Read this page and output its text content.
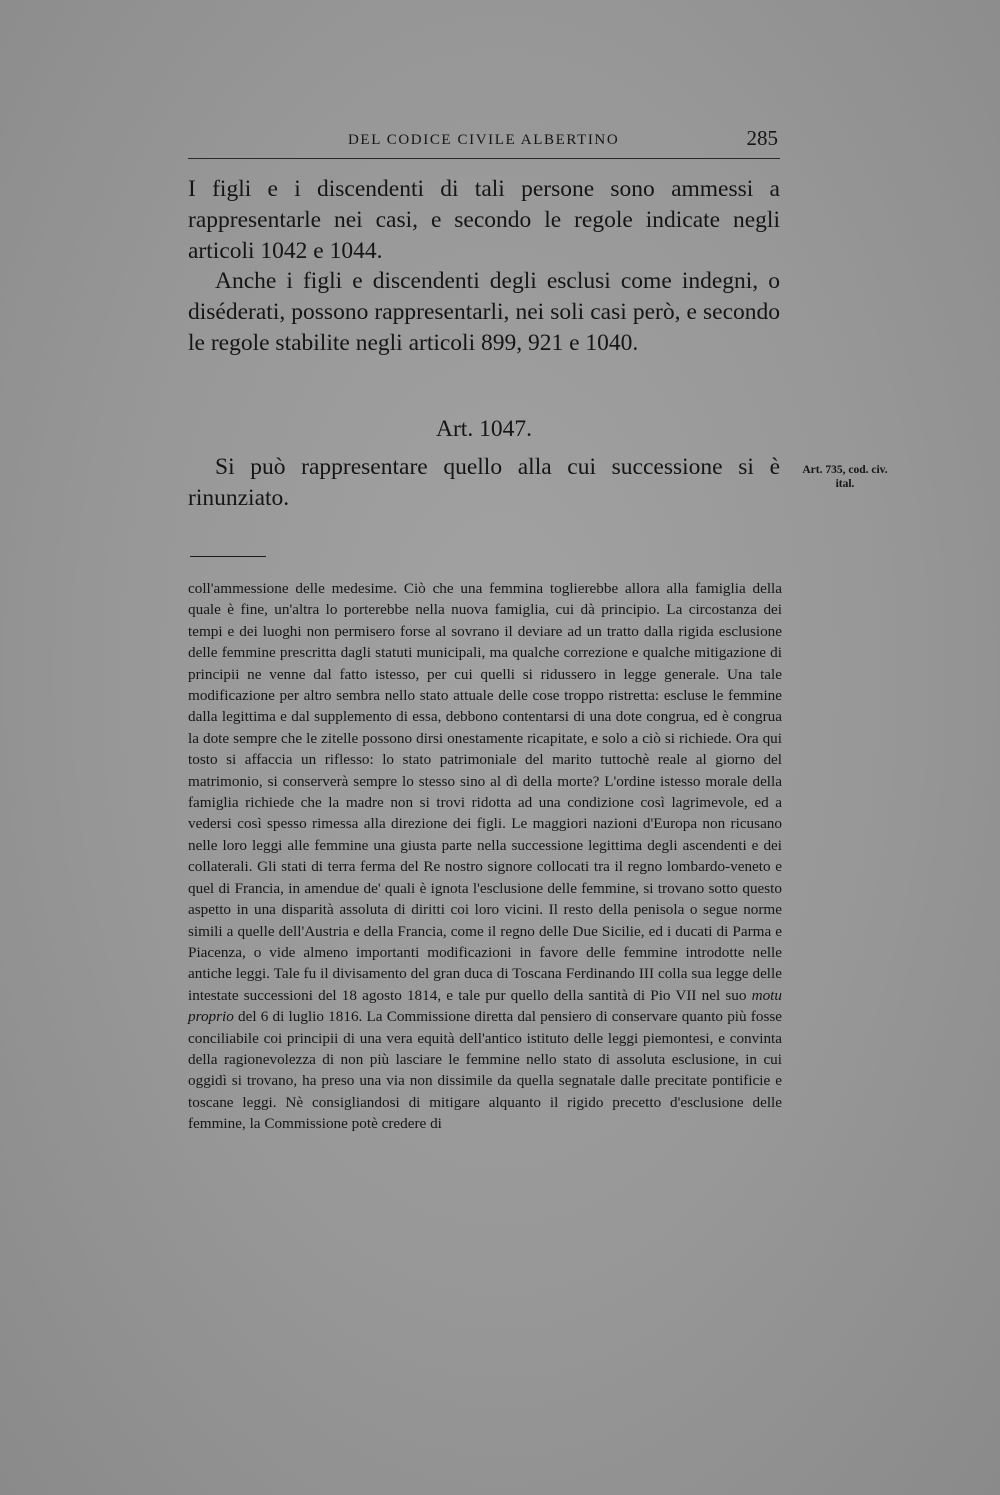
DEL CODICE CIVILE ALBERTINO	285

I figli e i discendenti di tali persone sono ammessi a rappresentarle nei casi, e secondo le regole indicate negli articoli 1042 e 1044.

Anche i figli e discendenti degli esclusi come indegni, o diséderati, possono rappresentarli, nei soli casi però, e secondo le regole stabilite negli articoli 899, 921 e 1040.

Art. 1047.

Si può rappresentare quello alla cui successione si è rinunziato.

Art. 735, cod. civ. ital.

coll'ammessione delle medesime. Ciò che una femmina toglierebbe allora alla famiglia della quale è fine, un'altra lo porterebbe nella nuova famiglia, cui dà principio. La circostanza dei tempi e dei luoghi non permisero forse al sovrano il deviare ad un tratto dalla rigida esclusione delle femmine prescritta dagli statuti municipali, ma qualche correzione e qualche mitigazione di principii ne venne dal fatto istesso, per cui quelli si ridussero in legge generale. Una tale modificazione per altro sembra nello stato attuale delle cose troppo ristretta: escluse le femmine dalla legittima e dal supplemento di essa, debbono contentarsi di una dote congrua, ed è congrua la dote sempre che le zitelle possono dirsi onestamente ricapitate, e solo a ciò si richiede. Ora qui tosto si affaccia un riflesso: lo stato patrimoniale del marito tuttochè reale al giorno del matrimonio, si conserverà sempre lo stesso sino al dì della morte? L'ordine istesso morale della famiglia richiede che la madre non si trovi ridotta ad una condizione così lagrimevole, ed a vedersi così spesso rimessa alla direzione dei figli. Le maggiori nazioni d'Europa non ricusano nelle loro leggi alle femmine una giusta parte nella successione legittima degli ascendenti e dei collaterali. Gli stati di terra ferma del Re nostro signore collocati tra il regno lombardo-veneto e quel di Francia, in amendue de' quali è ignota l'esclusione delle femmine, si trovano sotto questo aspetto in una disparità assoluta di diritti coi loro vicini. Il resto della penisola o segue norme simili a quelle dell'Austria e della Francia, come il regno delle Due Sicilie, ed i ducati di Parma e Piacenza, o vide almeno importanti modificazioni in favore delle femmine introdotte nelle antiche leggi. Tale fu il divisamento del gran duca di Toscana Ferdinando III colla sua legge delle intestate successioni del 18 agosto 1814, e tale pur quello della santità di Pio VII nel suo motu proprio del 6 di luglio 1816. La Commissione diretta dal pensiero di conservare quanto più fosse conciliabile coi principii di una vera equità dell'antico istituto delle leggi piemontesi, e convinta della ragionevolezza di non più lasciare le femmine nello stato di assoluta esclusione, in cui oggidì si trovano, ha preso una via non dissimile da quella segnatale dalle precitate pontificie e toscane leggi. Nè consigliandosi di mitigare alquanto il rigido precetto d'esclusione delle femmine, la Commissione potè credere di
